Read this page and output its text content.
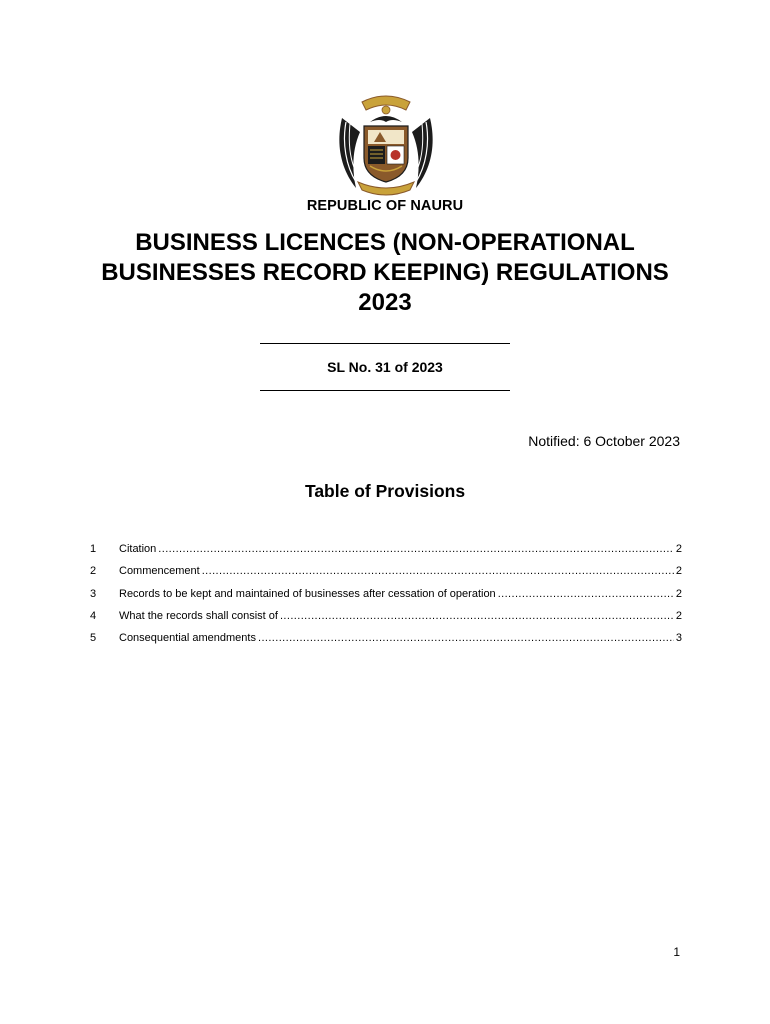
REPUBLIC OF NAURU
BUSINESS LICENCES (NON-OPERATIONAL
BUSINESSES RECORD KEEPING) REGULATIONS
2023
SL No. 31 of 2023
Notified: 6 October 2023
Table of Provisions
1	Citation .....	2
2	Commencement .....	2
3	Records to be kept and maintained of businesses after cessation of operation .....	2
4	What the records shall consist of .....	2
5	Consequential amendments .....	3
1
